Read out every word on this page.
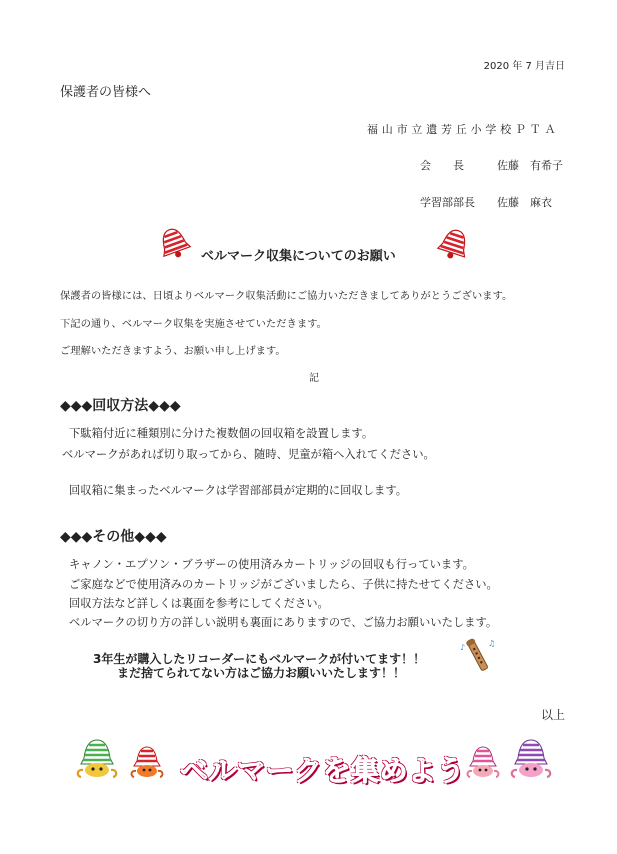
2020 年 7 月吉日
保護者の皆様へ
福山市立遺芳丘小学校ＰＴＡ
会　　長	佐藤　有希子
学習部部長 佐藤　麻衣
ベルマーク収集についてのお願い
保護者の皆様には、日頃よりベルマーク収集活動にご協力いただきましてありがとうございます。
下記の通り、ベルマーク収集を実施させていただきます。
ご理解いただきますよう、お願い申し上げます。
記
◆◆◆回収方法◆◆◆
下駄箱付近に種類別に分けた複数個の回収箱を設置します。
ベルマークがあれば切り取ってから、随時、児童が箱へ入れてください。
回収箱に集まったベルマークは学習部部員が定期的に回収します。
◆◆◆その他◆◆◆
キャノン・エプソン・ブラザーの使用済みカートリッジの回収も行っています。
ご家庭などで使用済みのカートリッジがございましたら、子供に持たせてください。
回収方法など詳しくは裏面を参考にしてください。
ベルマークの切り方の詳しい説明も裏面にありますので、ご協力お願いいたします。
3年生が購入したリコーダーにもベルマークが付いてます！！
まだ捨てられてない方はご協力お願いいたします！！
♪	♫
以上
ベルマークを集めよう
